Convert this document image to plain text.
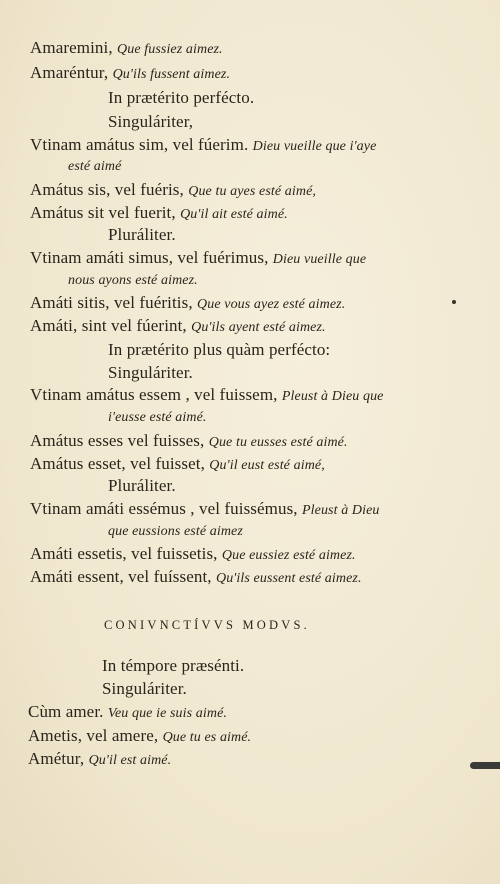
Amaremini, Que fussiez aimez.
Amaréntur, Qu'ils fussent aimez.
In prætérito perfécto.
Singuláriter,
Vtinam amátus sim, vel fúerim. Dieu vueille que i'aye
esté aimé
Amátus sis, vel fuéris, Que tu ayes esté aimé,
Amátus sit vel fuerit, Qu'il ait esté aimé.
Pluráliter.
Vtinam amáti simus, vel fuérimus, Dieu vueille que
nous ayons esté aimez.
Amáti sitis, vel fuéritis, Que vous ayez esté aimez.
Amáti, sint vel fúerint, Qu'ils ayent esté aimez.
In prætérito plus quàm perfécto:
Singuláriter.
Vtinam amátus essem , vel fuissem, Pleust à Dieu que
i'eusse esté aimé.
Amátus esses vel fuisses, Que tu eusses esté aimé.
Amátus esset, vel fuisset, Qu'il eust esté aimé,
Pluráliter.
Vtinam amáti essémus , vel fuissémus, Pleust à Dieu
que eussions esté aimez
Amáti essetis, vel fuissetis, Que eussiez esté aimez.
Amáti essent, vel fuíssent, Qu'ils eussent esté aimez.
CONIVNCTÍVVS MODVS.
In témpore præsénti.
Singuláriter.
Cùm amer. Veu que ie suis aimé.
Ametis, vel amere, Que tu es aimé.
Amétur, Qu'il est aimé.
